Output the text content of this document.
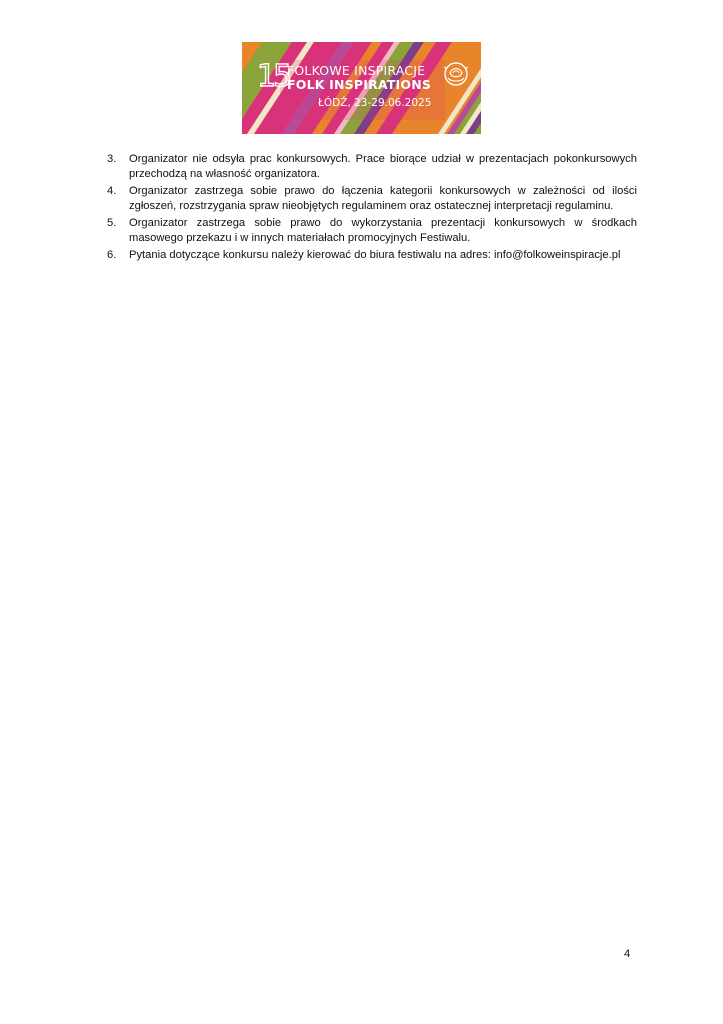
15
FOLKOWE INSPIRACJE
FOLK INSPIRATIONS
ŁÓDŹ, 23-29.06.2025
3. Organizator nie odsyła prac konkursowych. Prace biorące udział w prezentacjach pokonkursowych przechodzą na własność organizatora.
4. Organizator zastrzega sobie prawo do łączenia kategorii konkursowych w zależności od ilości zgłoszeń, rozstrzygania spraw nieobjętych regulaminem oraz ostatecznej interpretacji regulaminu.
5. Organizator zastrzega sobie prawo do wykorzystania prezentacji konkursowych w środkach masowego przekazu i w innych materiałach promocyjnych Festiwalu.
6. Pytania dotyczące konkursu należy kierować do biura festiwalu na adres: info@folkoweinspiracje.pl
4
